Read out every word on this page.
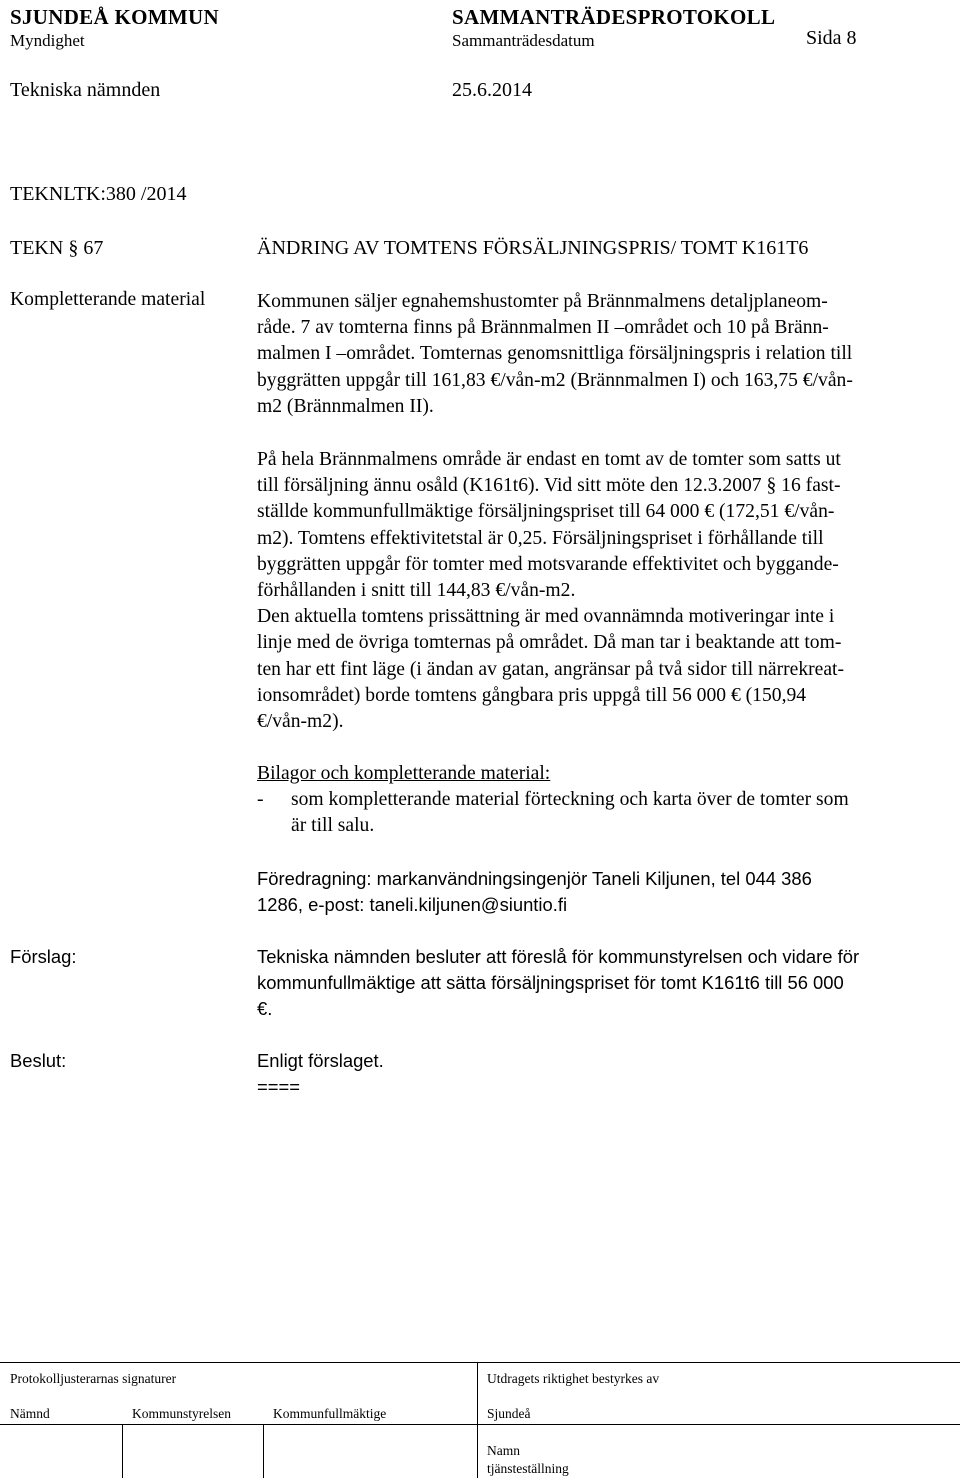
SJUNDEÅ KOMMUN	SAMMANTRÄDESPROTOKOLL
Myndighet	Sammanträdesdatum	Sida 8
Tekniska nämnden	25.6.2014
TEKNLTK:380 /2014
TEKN § 67	ÄNDRING AV TOMTENS FÖRSÄLJNINGSPRIS/ TOMT K161T6
Kompletterande material	Kommunen säljer egnahemshustomter på Brännmalmens detaljplaneom-

råde. 7 av tomterna finns på Brännmalmen II –området och 10 på Bränn-

malmen I –området. Tomternas genomsnittliga försäljningspris i relation till

byggrätten uppgår till 161,83 €/vån-m2 (Brännmalmen I) och 163,75 €/vån-

m2 (Brännmalmen II).

På hela Brännmalmens område är endast en tomt av de tomter som satts ut

till försäljning ännu osåld (K161t6). Vid sitt möte den 12.3.2007 § 16 fast-

ställde kommunfullmäktige försäljningspriset till 64 000 € (172,51 €/vån-

m2). Tomtens effektivitetstal är 0,25. Försäljningspriset i förhållande till

byggrätten uppgår för tomter med motsvarande effektivitet och byggande-

förhållanden i snitt till 144,83 €/vån-m2.

Den aktuella tomtens prissättning är med ovannämnda motiveringar inte i

linje med de övriga tomternas på området. Då man tar i beaktande att tom-

ten har ett fint läge (i ändan av gatan, angränsar på två sidor till närrekreat-

ionsområdet) borde tomtens gångbara pris uppgå till 56 000 € (150,94

€/vån-m2).

Bilagor och kompletterande material:
- som kompletterande material förteckning och karta över de tomter som
är till salu.
Föredragning: markanvändningsingenjör Taneli Kiljunen, tel 044 386
1286, e-post: taneli.kiljunen@siuntio.fi
Förslag:	Tekniska nämnden besluter att föreslå för kommunstyrelsen och vidare för
kommunfullmäktige att sätta försäljningspriset för tomt K161t6 till 56 000
€.
Beslut:	Enligt förslaget.
====
Protokolljusterarnas signaturer	Utdragets riktighet bestyrkes av
Nämnd	Kommunstyrelsen	Kommunfullmäktige	Sjundeå
Namn
tjänsteställning
